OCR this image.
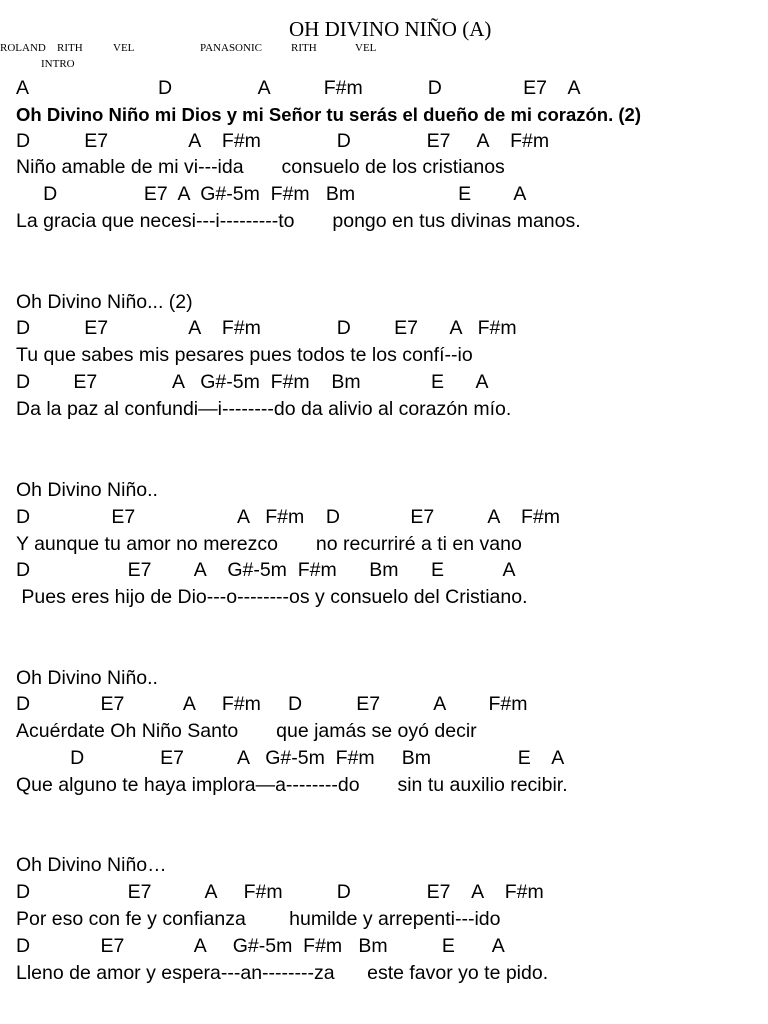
OH DIVINO NIÑO (A)
ROLAND RITH	VEL	PANASONIC	RITH	VEL
INTRO
A                        D                A          F#m            D               E7    A
Oh Divino Niño mi Dios y mi Señor tu serás el dueño de mi corazón. (2)
D          E7               A    F#m              D              E7     A    F#m
Niño amable de mi vi---ida       consuelo de los cristianos
D                E7  A  G#-5m  F#m   Bm                   E        A
La gracia que necesi---i---------to       pongo en tus divinas manos.
Oh Divino Niño... (2)
D          E7               A    F#m              D        E7      A   F#m
Tu que sabes mis pesares pues todos te los confí--io
D        E7              A   G#-5m  F#m    Bm             E      A
Da la paz al confundi—i--------do da alivio al corazón mío.
Oh Divino Niño..
D               E7                   A   F#m    D             E7          A    F#m
Y aunque tu amor no merezco       no recurriré a ti en vano
D                  E7        A    G#-5m  F#m      Bm      E           A
Pues eres hijo de Dio---o--------os y consuelo del Cristiano.
Oh Divino Niño..
D             E7           A     F#m     D          E7          A        F#m
Acuérdate Oh Niño Santo       que jamás se oyó decir
D              E7          A   G#-5m  F#m     Bm                E    A
Que alguno te haya implora—a--------do       sin tu auxilio recibir.
Oh Divino Niño…
D                  E7          A     F#m          D              E7    A    F#m
Por eso con fe y confianza        humilde y arrepenti---ido
D             E7             A     G#-5m  F#m   Bm          E       A
Lleno de amor y espera---an--------za      este favor yo te pido.
